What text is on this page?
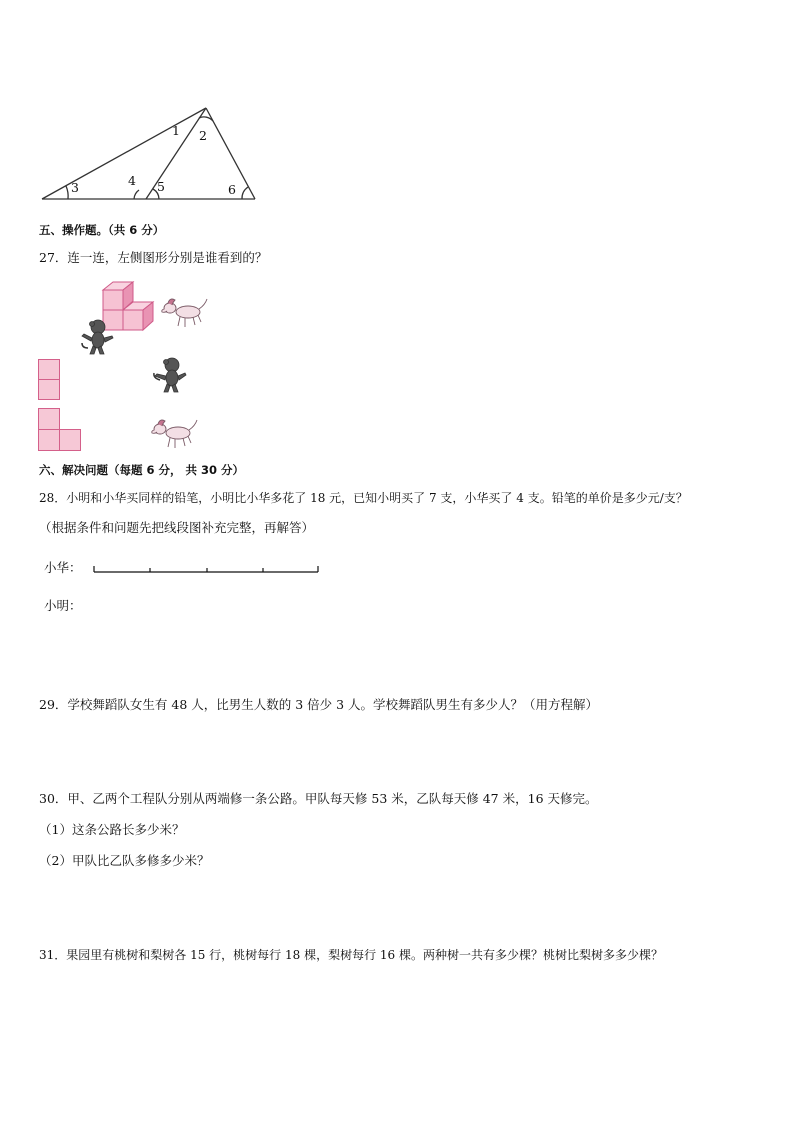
1 2
3	4 5	6
五、操作题。（共 6 分）
27．连一连，左侧图形分别是谁看到的？
六、解决问题（每题 6 分， 共 30 分）
28．小明和小华买同样的铅笔，小明比小华多花了 18 元，已知小明买了 7 支，小华买了 4 支。铅笔的单价是多少元/支？
（根据条件和问题先把线段图补充完整，再解答）
小华：
小明：
29．学校舞蹈队女生有 48 人，比男生人数的 3 倍少 3 人。学校舞蹈队男生有多少人？（用方程解）
30．甲、乙两个工程队分别从两端修一条公路。甲队每天修 53 米，乙队每天修 47 米，16 天修完。
（1）这条公路长多少米？
（2）甲队比乙队多修多少米？
31．果园里有桃树和梨树各 15 行，桃树每行 18 棵，梨树每行 16 棵。两种树一共有多少棵？桃树比梨树多多少棵？
